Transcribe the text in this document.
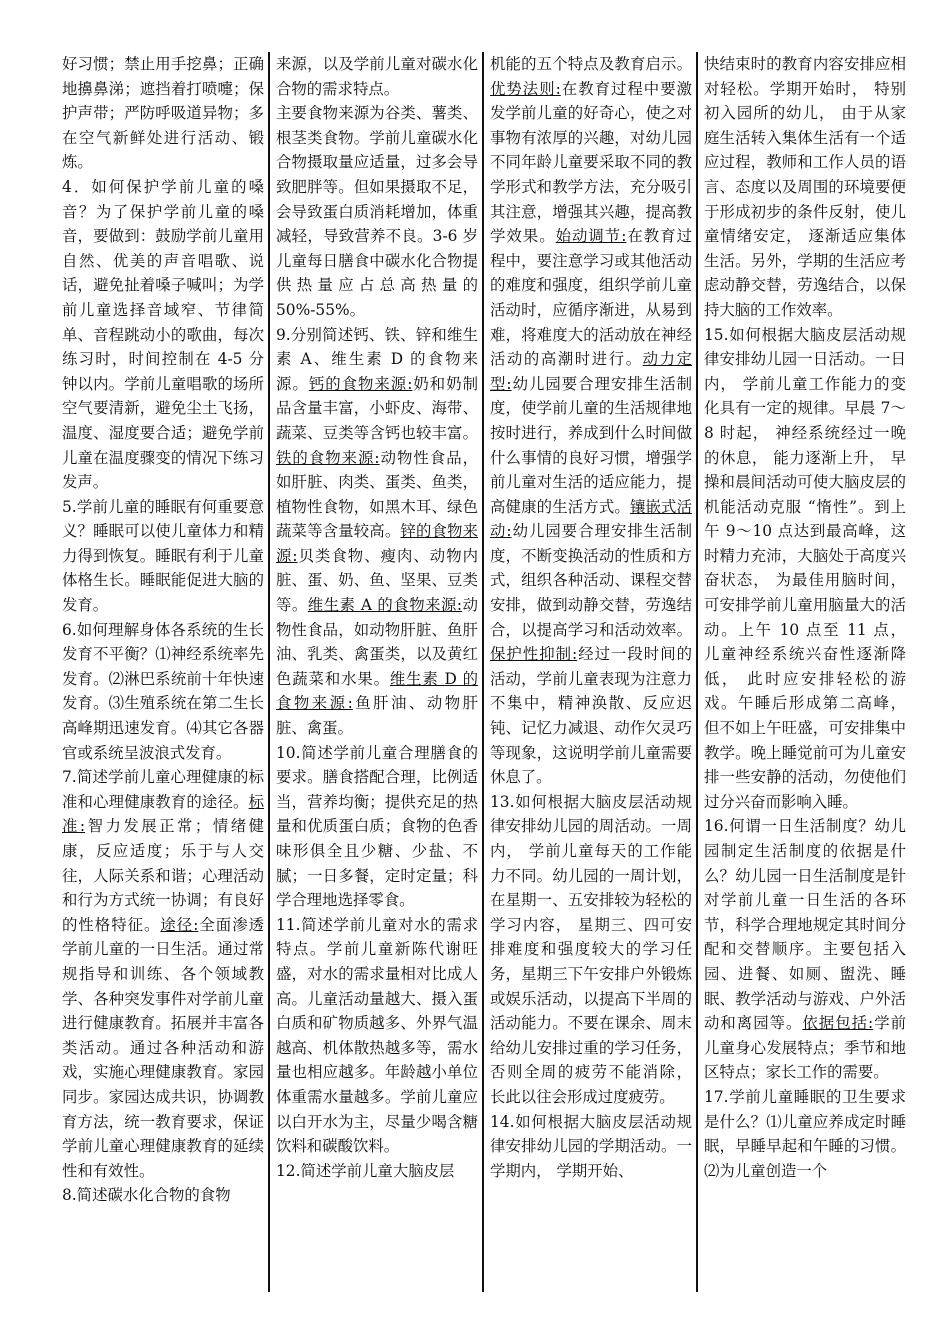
好习惯；禁止用手挖鼻；正确地擤鼻涕；遮挡着打喷嚏；保护声带；严防呼吸道异物；多在空气新鲜处进行活动、锻炼。

4．如何保护学前儿童的嗓音？为了保护学前儿童的嗓音，要做到：鼓励学前儿童用自然、优美的声音唱歌、说话，避免扯着嗓子喊叫；为学前儿童选择音域窄、节律简单、音程跳动小的歌曲，每次练习时，时间控制在 4-5 分钟以内。学前儿童唱歌的场所空气要清新，避免尘土飞扬，温度、湿度要合适；避免学前儿童在温度骤变的情况下练习发声。

5.学前儿童的睡眠有何重要意义？睡眠可以使儿童体力和精力得到恢复。睡眠有利于儿童体格生长。睡眠能促进大脑的发育。

6.如何理解身体各系统的生长发育不平衡？⑴神经系统率先发育。⑵淋巴系统前十年快速发育。⑶生殖系统在第二生长高峰期迅速发育。⑷其它各器官或系统呈波浪式发育。

7.简述学前儿童心理健康的标准和心理健康教育的途径。标准:智力发展正常；情绪健康，反应适度；乐于与人交往，人际关系和谐；心理活动和行为方式统一协调；有良好的性格特征。途径:全面渗透学前儿童的一日生活。通过常规指导和训练、各个领域教学、各种突发事件对学前儿童进行健康教育。拓展并丰富各类活动。通过各种活动和游戏，实施心理健康教育。家园同步。家园达成共识，协调教育方法，统一教育要求，保证学前儿童心理健康教育的延续性和有效性。

8.简述碳水化合物的食物

来源，以及学前儿童对碳水化合物的需求特点。

主要食物来源为谷类、薯类、根茎类食物。学前儿童碳水化合物摄取量应适量，过多会导致肥胖等。但如果摄取不足，会导致蛋白质消耗增加，体重减轻，导致营养不良。3-6 岁儿童每日膳食中碳水化合物提供热量应占总高热量的 50%-55%。

9.分别简述钙、铁、锌和维生素 A、维生素 D 的食物来源。钙的食物来源:奶和奶制品含量丰富，小虾皮、海带、蔬菜、豆类等含钙也较丰富。铁的食物来源:动物性食品，如肝脏、肉类、蛋类、鱼类，植物性食物，如黑木耳、绿色蔬菜等含量较高。锌的食物来源:贝类食物、瘦肉、动物内脏、蛋、奶、鱼、坚果、豆类等。维生素 A 的食物来源:动物性食品，如动物肝脏、鱼肝油、乳类、禽蛋类，以及黄红色蔬菜和水果。维生素 D 的食物来源:鱼肝油、动物肝脏、禽蛋。

10.简述学前儿童合理膳食的要求。膳食搭配合理，比例适当，营养均衡；提供充足的热量和优质蛋白质；食物的色香味形俱全且少糖、少盐、不腻；一日多餐，定时定量；科学合理地选择零食。

11.简述学前儿童对水的需求特点。学前儿童新陈代谢旺盛，对水的需求量相对比成人高。儿童活动量越大、摄入蛋白质和矿物质越多、外界气温越高、机体散热越多等，需水量也相应越多。年龄越小单位体重需水量越多。学前儿童应以白开水为主，尽量少喝含糖饮料和碳酸饮料。

12.简述学前儿童大脑皮层

机能的五个特点及教育启示。优势法则:在教育过程中要激发学前儿童的好奇心，使之对事物有浓厚的兴趣，对幼儿园不同年龄儿童要采取不同的教学形式和教学方法，充分吸引其注意，增强其兴趣，提高教学效果。始动调节:在教育过程中，要注意学习或其他活动的难度和强度，组织学前儿童活动时，应循序渐进，从易到难，将难度大的活动放在神经活动的高潮时进行。动力定型:幼儿园要合理安排生活制度，使学前儿童的生活规律地按时进行，养成到什么时间做什么事情的良好习惯，增强学前儿童对生活的适应能力，提高健康的生活方式。镶嵌式活动:幼儿园要合理安排生活制度，不断变换活动的性质和方式，组织各种活动、课程交替安排，做到动静交替，劳逸结合，以提高学习和活动效率。保护性抑制:经过一段时间的活动，学前儿童表现为注意力不集中，精神涣散、反应迟钝、记忆力减退、动作欠灵巧等现象，这说明学前儿童需要休息了。

13.如何根据大脑皮层活动规律安排幼儿园的周活动。一周内， 学前儿童每天的工作能力不同。幼儿园的一周计划， 在星期一、五安排较为轻松的学习内容， 星期三、四可安排难度和强度较大的学习任务，星期三下午安排户外锻炼或娱乐活动，以提高下半周的活动能力。不要在课余、周末给幼儿安排过重的学习任务， 否则全周的疲劳不能消除， 长此以往会形成过度疲劳。

14.如何根据大脑皮层活动规律安排幼儿园的学期活动。一学期内， 学期开始、

快结束时的教育内容安排应相对轻松。学期开始时， 特别初入园所的幼儿， 由于从家庭生活转入集体生活有一个适应过程，教师和工作人员的语言、态度以及周围的环境要便于形成初步的条件反射，使儿童情绪安定， 逐渐适应集体生活。另外，学期的生活应考虑动静交替，劳逸结合，以保持大脑的工作效率。

15.如何根据大脑皮层活动规律安排幼儿园一日活动。一日内， 学前儿童工作能力的变化具有一定的规律。早晨 7～8 时起， 神经系统经过一晚的休息， 能力逐渐上升， 早操和晨间活动可使大脑皮层的机能活动克服 “惰性”。到上午 9～10 点达到最高峰，这时精力充沛，大脑处于高度兴奋状态， 为最佳用脑时间， 可安排学前儿童用脑量大的活动。上午 10 点至 11 点， 儿童神经系统兴奋性逐渐降低， 此时应安排轻松的游戏。午睡后形成第二高峰， 但不如上午旺盛，可安排集中教学。晚上睡觉前可为儿童安排一些安静的活动，勿使他们过分兴奋而影响入睡。

16.何谓一日生活制度？幼儿园制定生活制度的依据是什么？幼儿园一日生活制度是针对学前儿童一日生活的各环节，科学合理地规定其时间分配和交替顺序。主要包括入园、进餐、如厕、盥洗、睡眠、教学活动与游戏、户外活动和离园等。依据包括:学前儿童身心发展特点；季节和地区特点；家长工作的需要。

17.学前儿童睡眠的卫生要求是什么？⑴儿童应养成定时睡眠，早睡早起和午睡的习惯。⑵为儿童创造一个
